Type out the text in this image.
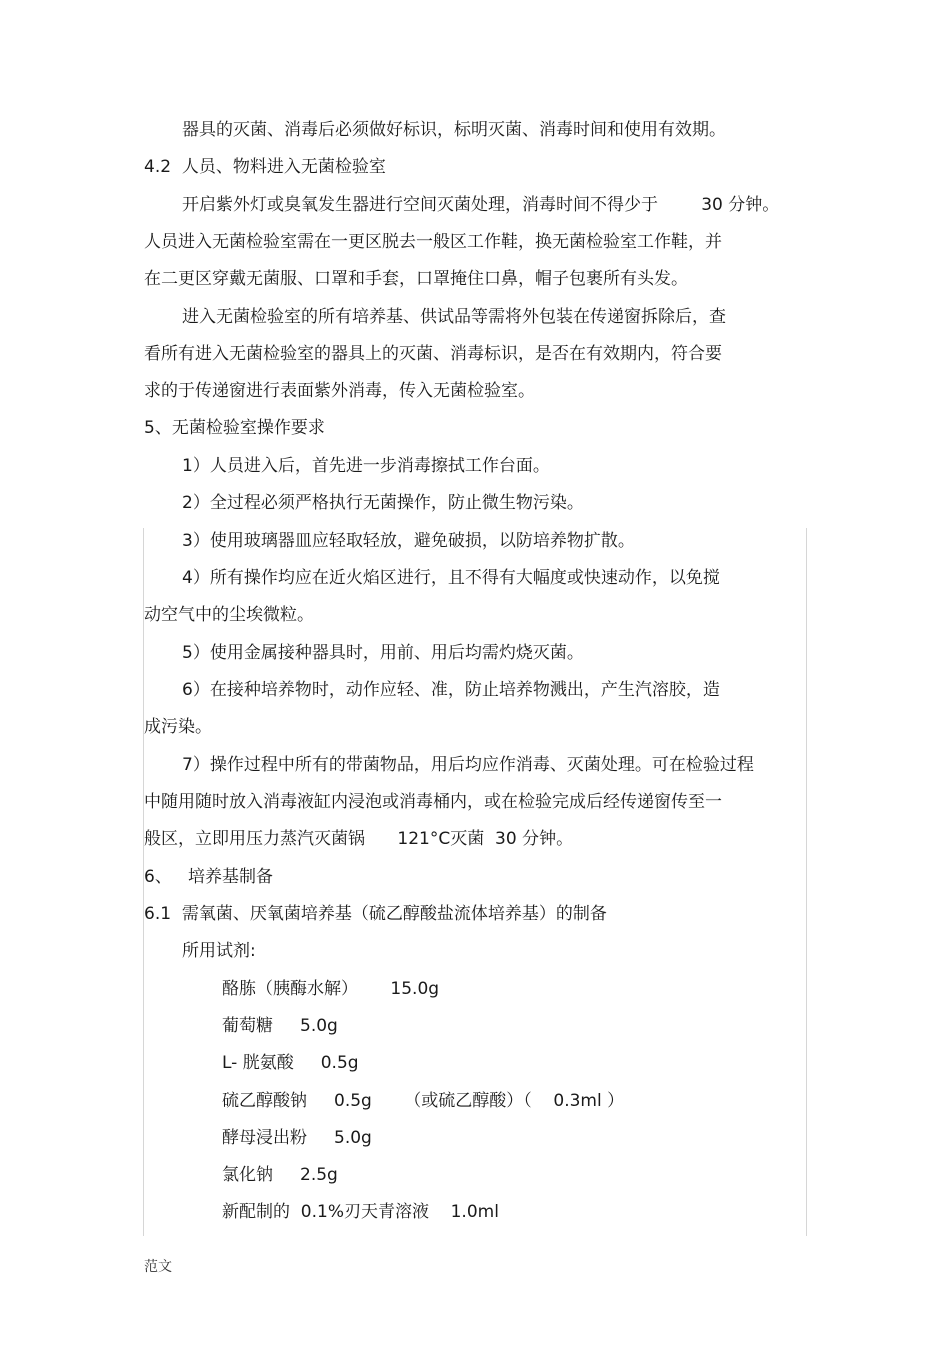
器具的灭菌、消毒后必须做好标识，标明灭菌、消毒时间和使用有效期。
4.2  人员、物料进入无菌检验室
开启紫外灯或臭氧发生器进行空间灭菌处理，消毒时间不得少于        30 分钟。
人员进入无菌检验室需在一更区脱去一般区工作鞋，换无菌检验室工作鞋，并
在二更区穿戴无菌服、口罩和手套，口罩掩住口鼻，帽子包裹所有头发。
进入无菌检验室的所有培养基、供试品等需将外包装在传递窗拆除后，查
看所有进入无菌检验室的器具上的灭菌、消毒标识，是否在有效期内，符合要
求的于传递窗进行表面紫外消毒，传入无菌检验室。
5、无菌检验室操作要求
1）人员进入后，首先进一步消毒擦拭工作台面。
2）全过程必须严格执行无菌操作，防止微生物污染。
3）使用玻璃器皿应轻取轻放，避免破损，以防培养物扩散。
4）所有操作均应在近火焰区进行，且不得有大幅度或快速动作，以免搅
动空气中的尘埃微粒。
5）使用金属接种器具时，用前、用后均需灼烧灭菌。
6）在接种培养物时，动作应轻、准，防止培养物溅出，产生汽溶胶，造
成污染。
7）操作过程中所有的带菌物品，用后均应作消毒、灭菌处理。可在检验过程
中随用随时放入消毒液缸内浸泡或消毒桶内，或在检验完成后经传递窗传至一
般区，立即用压力蒸汽灭菌锅      121°C灭菌  30 分钟。
6、   培养基制备
6.1  需氧菌、厌氧菌培养基（硫乙醇酸盐流体培养基）的制备
所用试剂:
酪胨（胰酶水解）      15.0g
葡萄糖     5.0g
L- 胱氨酸     0.5g
硫乙醇酸钠     0.5g      （或硫乙醇酸）（    0.3ml ）
酵母浸出粉     5.0g
氯化钠     2.5g
新配制的  0.1%刃天青溶液    1.0ml
范文
